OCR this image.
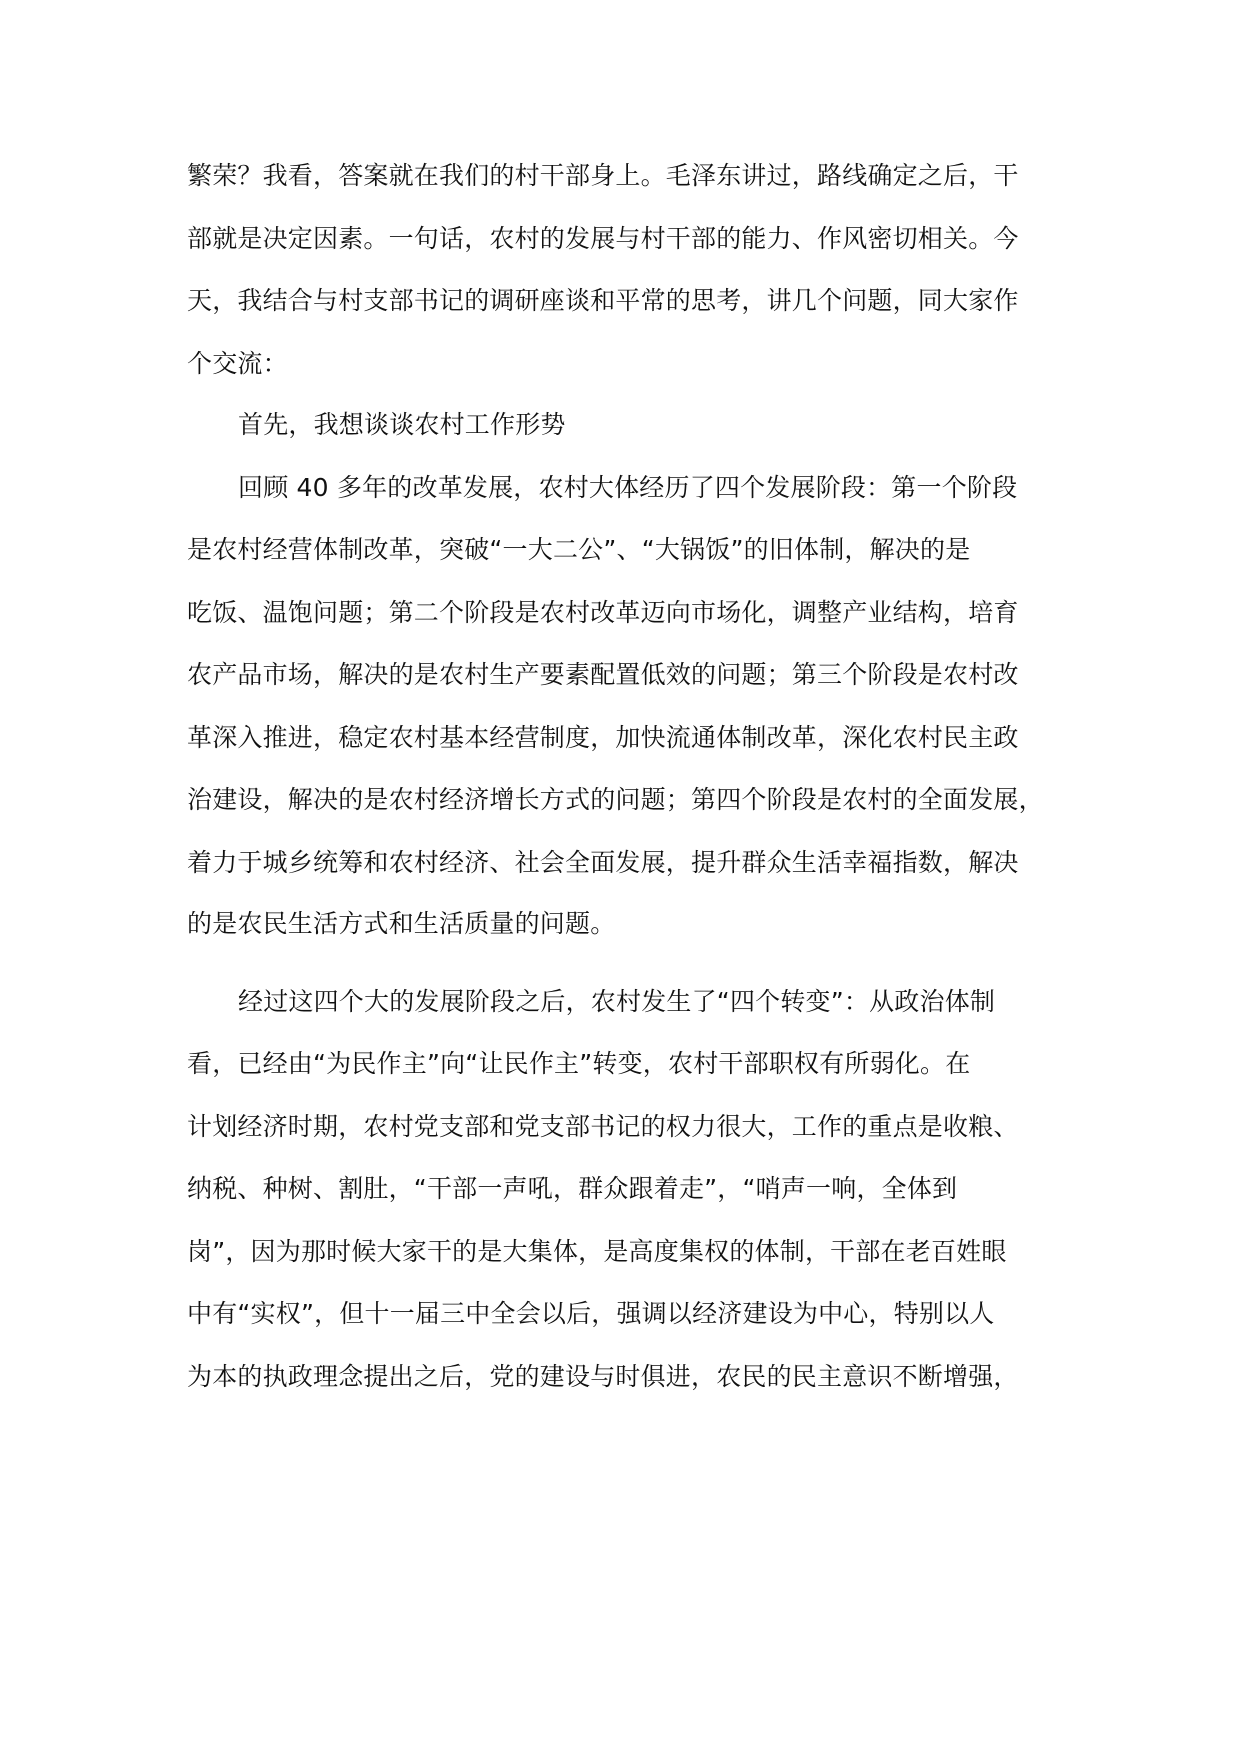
繁荣？我看，答案就在我们的村干部身上。毛泽东讲过，路线确定之后，干
部就是决定因素。一句话，农村的发展与村干部的能力、作风密切相关。今
天，我结合与村支部书记的调研座谈和平常的思考，讲几个问题，同大家作
个交流：
首先，我想谈谈农村工作形势
回顾 40 多年的改革发展，农村大体经历了四个发展阶段：第一个阶段
是农村经营体制改革，突破“一大二公”、“大锅饭”的旧体制，解决的是
吃饭、温饱问题；第二个阶段是农村改革迈向市场化，调整产业结构，培育
农产品市场，解决的是农村生产要素配置低效的问题；第三个阶段是农村改
革深入推进，稳定农村基本经营制度，加快流通体制改革，深化农村民主政
治建设，解决的是农村经济增长方式的问题；第四个阶段是农村的全面发展，
着力于城乡统筹和农村经济、社会全面发展，提升群众生活幸福指数，解决
的是农民生活方式和生活质量的问题。
经过这四个大的发展阶段之后，农村发生了“四个转变”：从政治体制
看，已经由“为民作主”向“让民作主”转变，农村干部职权有所弱化。在
计划经济时期，农村党支部和党支部书记的权力很大，工作的重点是收粮、
纳税、种树、割肚，“干部一声吼，群众跟着走”，“哨声一响，全体到
岗”，因为那时候大家干的是大集体，是高度集权的体制，干部在老百姓眼
中有“实权”，但十一届三中全会以后，强调以经济建设为中心，特别以人
为本的执政理念提出之后，党的建设与时俱进，农民的民主意识不断增强，
